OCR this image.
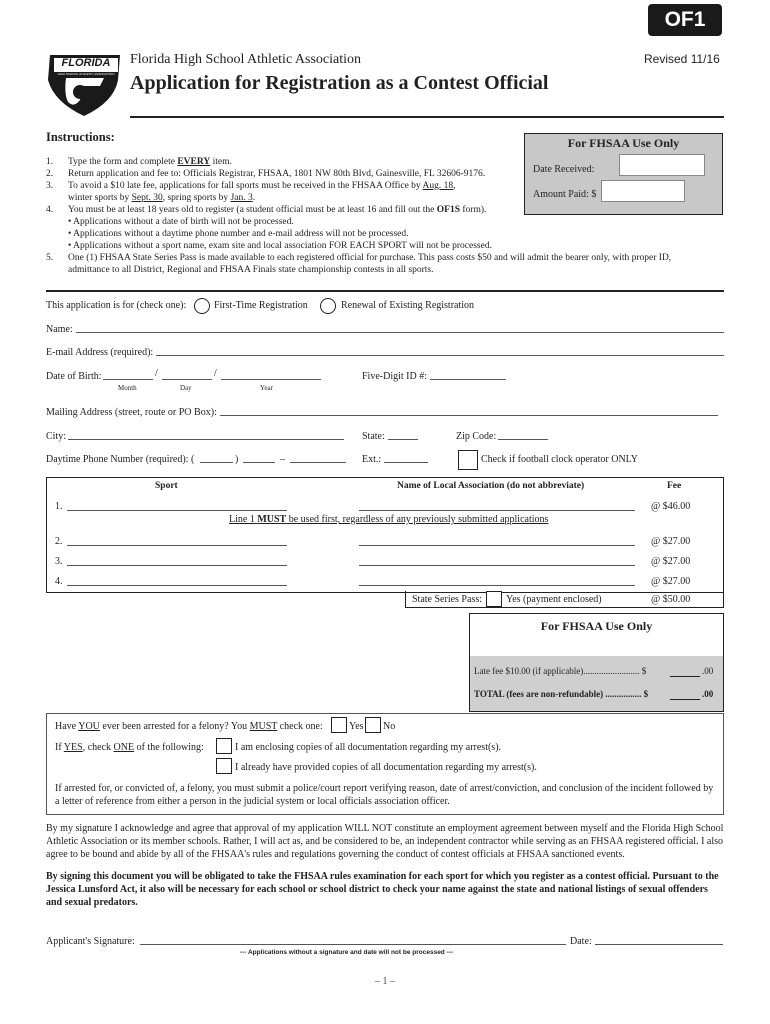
OF1
FLORIDA
HIGH SCHOOL ATHLETIC ASSOCIATION
Florida High School Athletic Association	Revised 11/16
Application for Registration as a Contest Official
Instructions:
1. Type the form and complete EVERY item.
2. Return application and fee to: Officials Registrar, FHSAA, 1801 NW 80th Blvd, Gainesville, FL 32606-9176.
3. To avoid a $10 late fee, applications for fall sports must be received in the FHSAA Office by Aug. 18,
winter sports by Sept. 30, spring sports by Jan. 3.
4. You must be at least 18 years old to register (a student official must be at least 16 and fill out the OF1S form).
• Applications without a date of birth will not be processed.
• Applications without a daytime phone number and e-mail address will not be processed.
• Applications without a sport name, exam site and local association FOR EACH SPORT will not be processed.
5. One (1) FHSAA State Series Pass is made available to each registered official for purchase. This pass costs $50 and will admit the bearer only, with proper ID,
admittance to all District, Regional and FHSAA Finals state championship contests in all sports.
For FHSAA Use Only
Date Received:
Amount Paid: $
This application is for (check one):	First-Time Registration	Renewal of Existing Registration
Name:
E-mail Address (required):
Date of Birth:	/	/
Month	Day	Year
Five-Digit ID #:
Mailing Address (street, route or PO Box):
City:	State:	Zip Code:
Daytime Phone Number (required): (	)	–	Ext.:	Check if football clock operator ONLY
Sport	Name of Local Association (do not abbreviate)	Fee
1.	@ $46.00
Line 1 MUST be used first, regardless of any previously submitted applications
2.	@ $27.00
3.	@ $27.00
4.	@ $27.00
State Series Pass: Yes (payment enclosed)	@ $50.00
For FHSAA Use Only
Late fee $10.00 (if applicable)......................... $	.00
TOTAL (fees are non-refundable) ................ $	.00
Have YOU ever been arrested for a felony? You MUST check one:	Yes No
If YES, check ONE of the following:	I am enclosing copies of all documentation regarding my arrest(s).
I already have provided copies of all documentation regarding my arrest(s).
If arrested for, or convicted of, a felony, you must submit a police/court report verifying reason, date of arrest/conviction, and conclusion of the incident followed by a letter of reference from either a person in the judicial system or local officials association officer.
By my signature I acknowledge and agree that approval of my application WILL NOT constitute an employment agreement between myself and the Florida High School Athletic Association or its member schools. Rather, I will act as, and be considered to be, an independent contractor while serving as an FHSAA registered official. I also agree to be bound and abide by all of the FHSAA's rules and regulations governing the conduct of contest officials at FHSAA sanctioned events.
By signing this document you will be obligated to take the FHSAA rules examination for each sport for which you register as a contest official. Pursuant to the Jessica Lunsford Act, it also will be necessary for each school or school district to check your name against the state and national listings of sexual offenders and sexual predators.
Applicant's Signature:	Date:
--- Applications without a signature and date will not be processed ---
– 1 –
